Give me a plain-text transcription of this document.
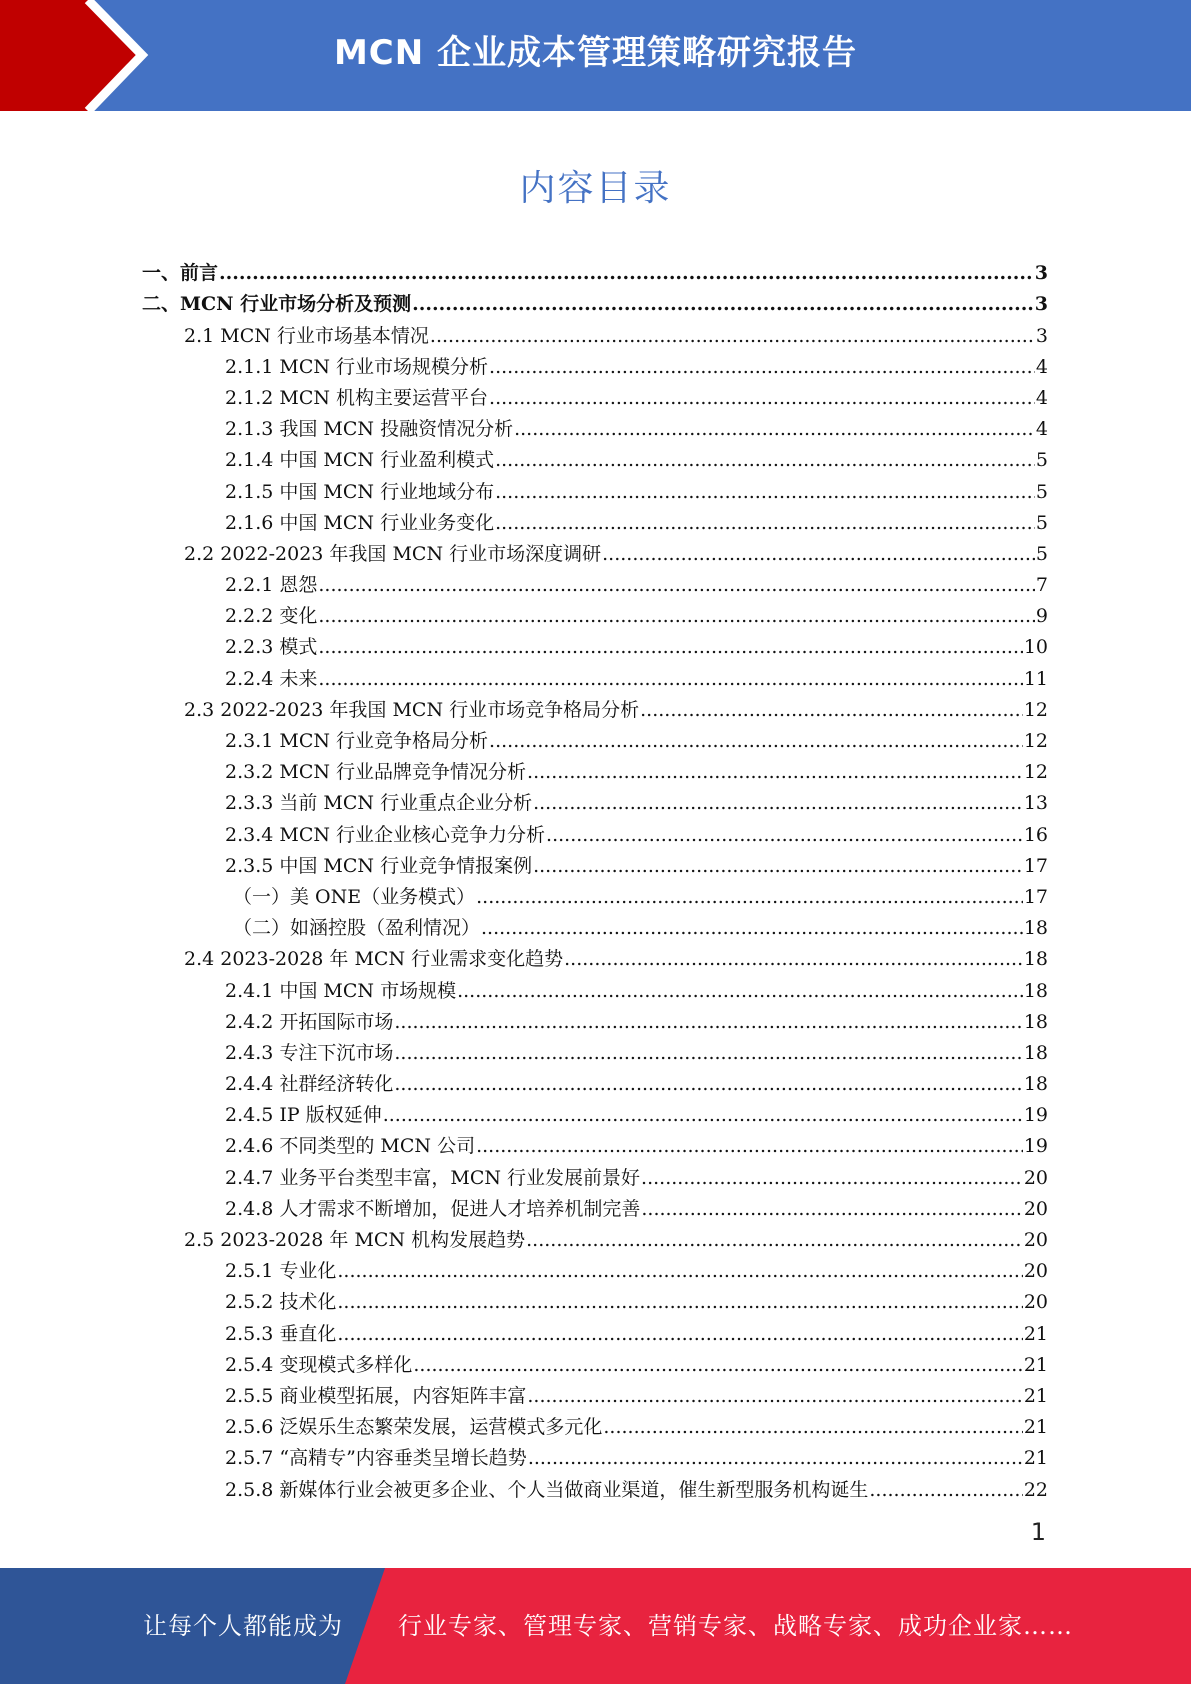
MCN 企业成本管理策略研究报告
内容目录
一、前言 .....	3
二、MCN 行业市场分析及预测 .....	3
2.1 MCN 行业市场基本情况 .....	3
2.1.1 MCN 行业市场规模分析 .....	4
2.1.2 MCN 机构主要运营平台 .....	4
2.1.3 我国 MCN 投融资情况分析 .....	4
2.1.4 中国 MCN 行业盈利模式 .....	5
2.1.5 中国 MCN 行业地域分布 .....	5
2.1.6 中国 MCN 行业业务变化 .....	5
2.2 2022-2023 年我国 MCN 行业市场深度调研 .....	5
2.2.1 恩怨 .....	7
2.2.2 变化 .....	9
2.2.3 模式 .....	10
2.2.4 未来 .....	11
2.3 2022-2023 年我国 MCN 行业市场竞争格局分析 .....	12
2.3.1 MCN 行业竞争格局分析 .....	12
2.3.2 MCN 行业品牌竞争情况分析 .....	12
2.3.3 当前 MCN 行业重点企业分析 .....	13
2.3.4 MCN 行业企业核心竞争力分析 .....	16
2.3.5 中国 MCN 行业竞争情报案例 .....	17
（一）美 ONE（业务模式） .....	17
（二）如涵控股（盈利情况） .....	18
2.4 2023-2028 年 MCN 行业需求变化趋势 .....	18
2.4.1 中国 MCN 市场规模 .....	18
2.4.2 开拓国际市场 .....	18
2.4.3 专注下沉市场 .....	18
2.4.4 社群经济转化 .....	18
2.4.5 IP 版权延伸 .....	19
2.4.6 不同类型的 MCN 公司 .....	19
2.4.7 业务平台类型丰富，MCN 行业发展前景好 .....	20
2.4.8 人才需求不断增加，促进人才培养机制完善 .....	20
2.5 2023-2028 年 MCN 机构发展趋势 .....	20
2.5.1 专业化 .....	20
2.5.2 技术化 .....	20
2.5.3 垂直化 .....	21
2.5.4 变现模式多样化 .....	21
2.5.5 商业模型拓展，内容矩阵丰富 .....	21
2.5.6 泛娱乐生态繁荣发展，运营模式多元化 .....	21
2.5.7 “高精专”内容垂类呈增长趋势 .....	21
2.5.8 新媒体行业会被更多企业、个人当做商业渠道，催生新型服务机构诞生 .....	22
1
让每个人都能成为 行业专家、管理专家、营销专家、战略专家、成功企业家……
